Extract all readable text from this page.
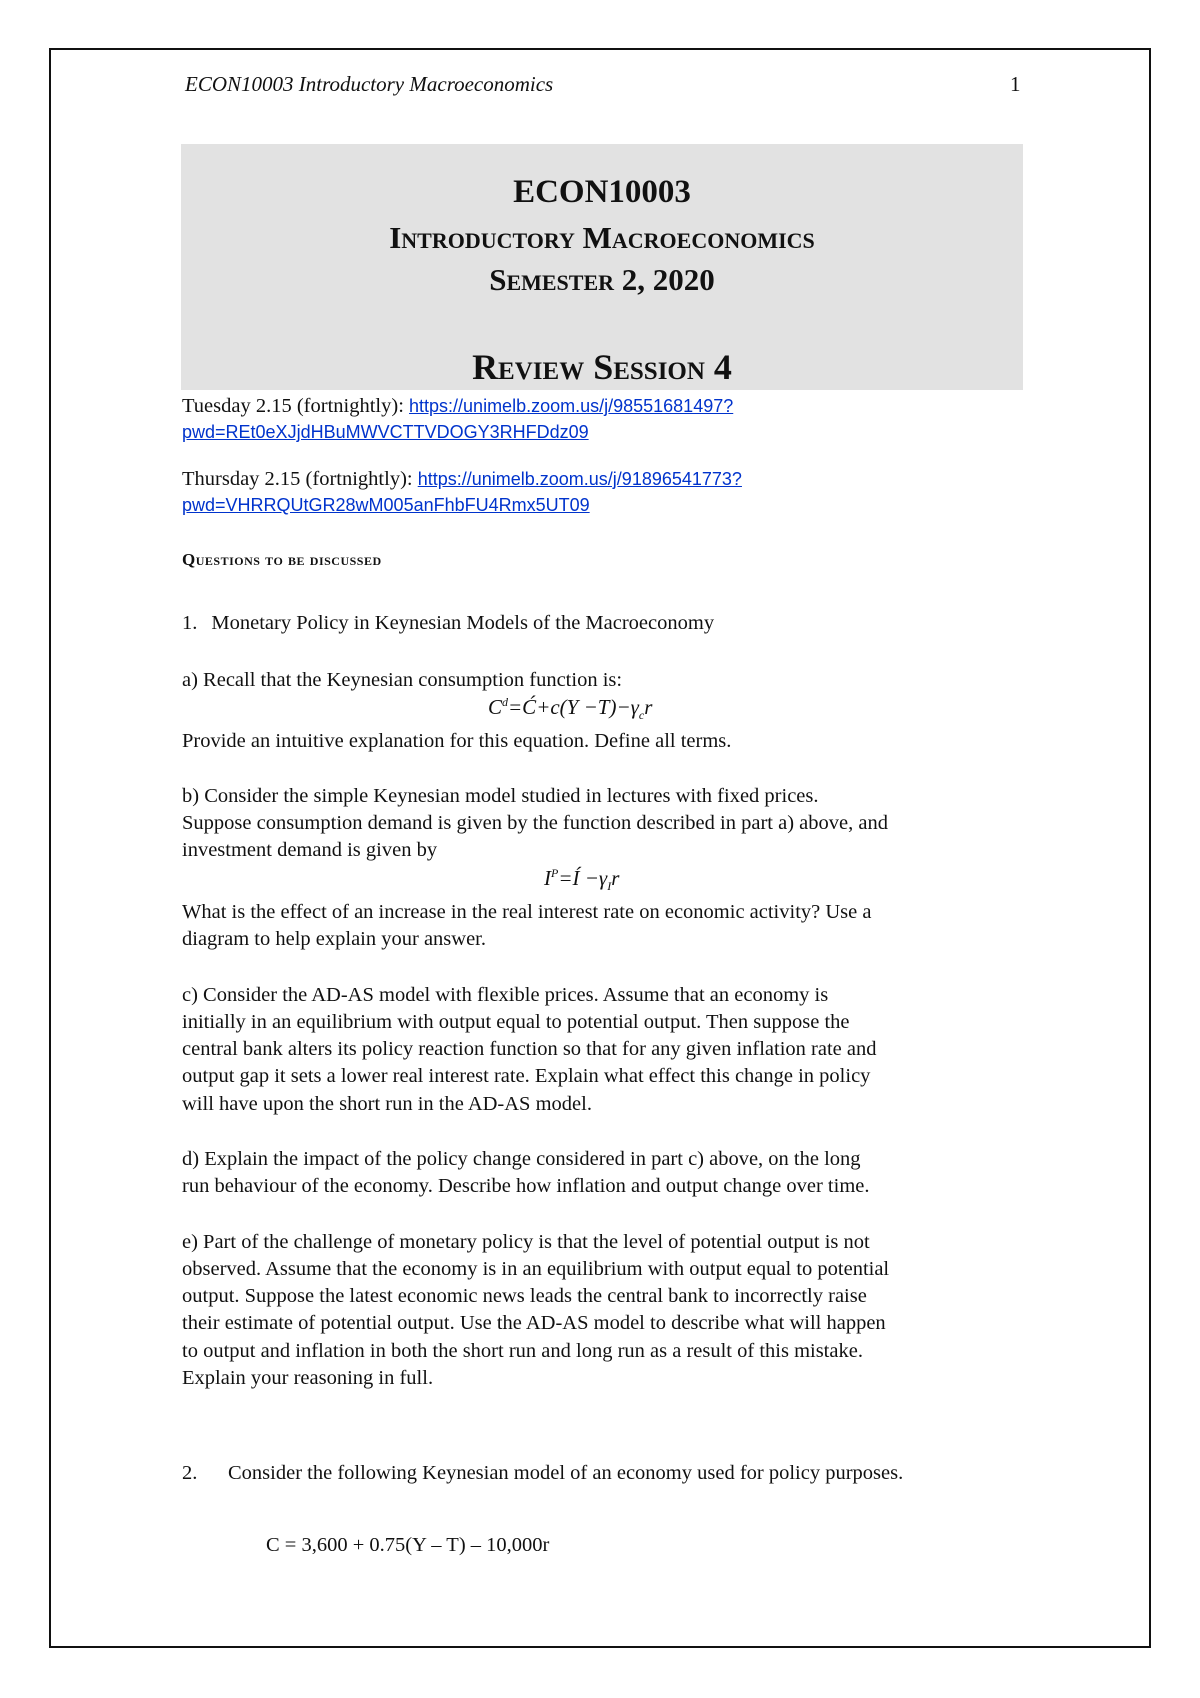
ECON10003 Introductory Macroeconomics	1
ECON10003
Introductory Macroeconomics
Semester 2, 2020
Review Session 4
Tuesday 2.15 (fortnightly): https://unimelb.zoom.us/j/98551681497?
pwd=REt0eXJjdHBuMWVCTTVDOGY3RHFDdz09
Thursday 2.15 (fortnightly): https://unimelb.zoom.us/j/91896541773?
pwd=VHRRQUtGR28wM005anFhbFU4Rmx5UT09
Questions to be discussed
1. Monetary Policy in Keynesian Models of the Macroeconomy
a) Recall that the Keynesian consumption function is:
$C^d=Ć+c(Y -T)-\gamma_cr$
Provide an intuitive explanation for this equation. Define all terms.
b) Consider the simple Keynesian model studied in lectures with fixed prices.
Suppose consumption demand is given by the function described in part a) above, and
investment demand is given by
$I^P=Í -\gamma_Ir$
What is the effect of an increase in the real interest rate on economic activity? Use a
diagram to help explain your answer.
c) Consider the AD-AS model with flexible prices. Assume that an economy is
initially in an equilibrium with output equal to potential output. Then suppose the
central bank alters its policy reaction function so that for any given inflation rate and
output gap it sets a lower real interest rate. Explain what effect this change in policy
will have upon the short run in the AD-AS model.
d) Explain the impact of the policy change considered in part c) above, on the long
run behaviour of the economy. Describe how inflation and output change over time.
e) Part of the challenge of monetary policy is that the level of potential output is not
observed. Assume that the economy is in an equilibrium with output equal to potential
output. Suppose the latest economic news leads the central bank to incorrectly raise
their estimate of potential output. Use the AD-AS model to describe what will happen
to output and inflation in both the short run and long run as a result of this mistake.
Explain your reasoning in full.
2. Consider the following Keynesian model of an economy used for policy purposes.
C = 3,600 + 0.75(Y – T) – 10,000r
